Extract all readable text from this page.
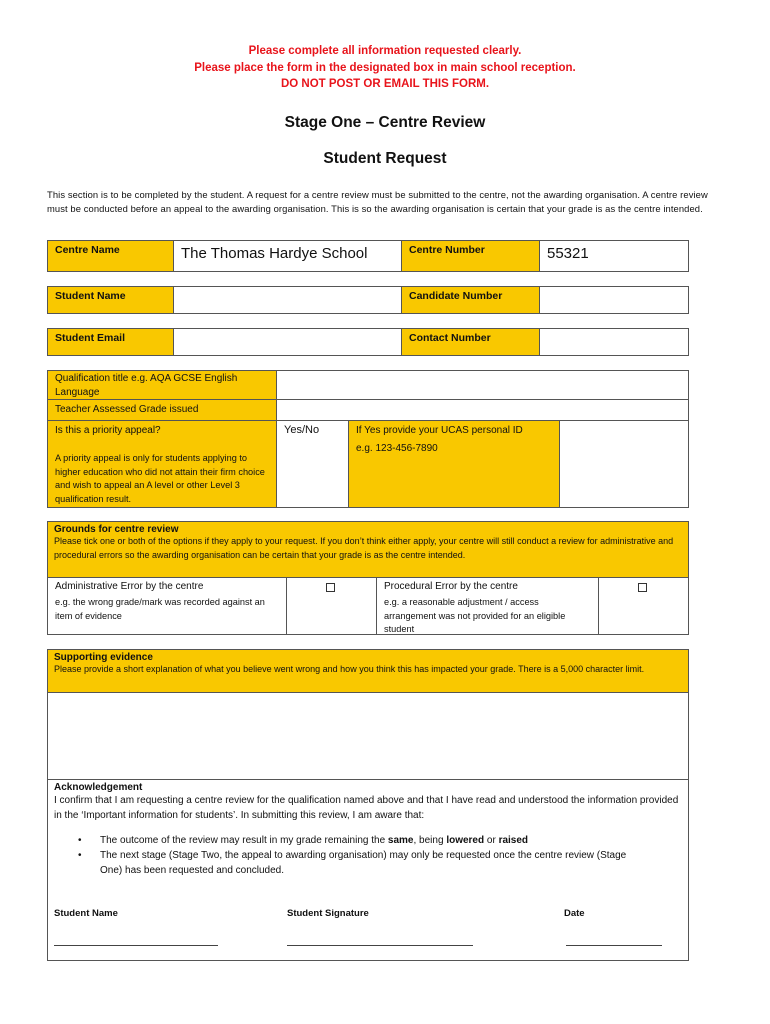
Please complete all information requested clearly.
Please place the form in the designated box in main school reception.
DO NOT POST OR EMAIL THIS FORM.
Stage One – Centre Review
Student Request
This section is to be completed by the student. A request for a centre review must be submitted to the centre, not the awarding organisation. A centre review must be conducted before an appeal to the awarding organisation. This is so the awarding organisation is certain that your grade is as the centre intended.
Centre Name	The Thomas Hardye School	Centre Number	55321
Student Name	Candidate Number
Student Email	Contact Number
Qualification title e.g. AQA GCSE English Language
Teacher Assessed Grade issued
Is this a priority appeal?
A priority appeal is only for students applying to higher education who did not attain their firm choice and wish to appeal an A level or other Level 3 qualification result.
Yes/No	If Yes provide your UCAS personal ID
e.g. 123-456-7890
Grounds for centre review
Please tick one or both of the options if they apply to your request. If you don’t think either apply, your centre will still conduct a review for administrative and procedural errors so the awarding organisation can be certain that your grade is as the centre intended.
Administrative Error by the centre
e.g. the wrong grade/mark was recorded against an item of evidence
Procedural Error by the centre
e.g. a reasonable adjustment / access arrangement was not provided for an eligible student
Supporting evidence
Please provide a short explanation of what you believe went wrong and how you think this has impacted your grade. There is a 5,000 character limit.
Acknowledgement
I confirm that I am requesting a centre review for the qualification named above and that I have read and understood the information provided in the ‘Important information for students’. In submitting this review, I am aware that:
• The outcome of the review may result in my grade remaining the same, being lowered or raised
• The next stage (Stage Two, the appeal to awarding organisation) may only be requested once the centre review (Stage One) has been requested and concluded.
Student Name	Student Signature	Date
